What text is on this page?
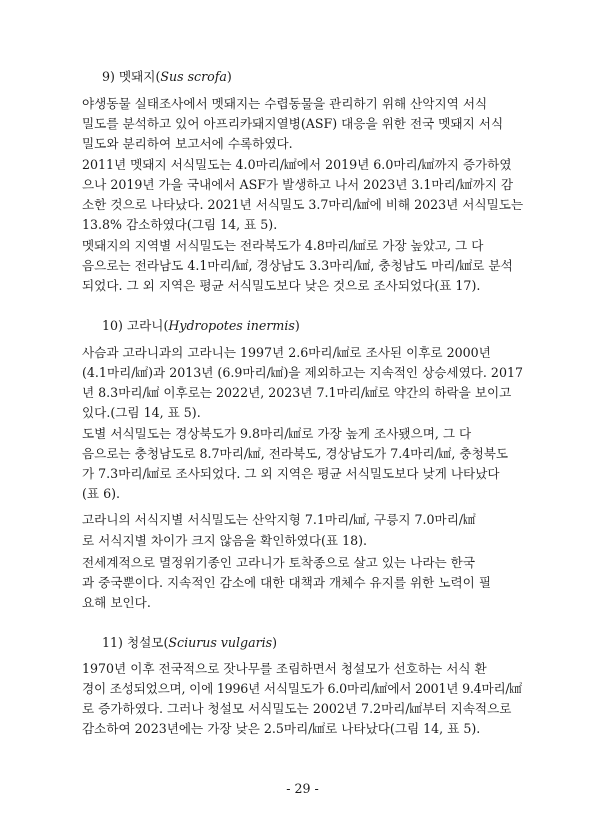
9) 멧돼지(Sus scrofa)
야생동물 실태조사에서 멧돼지는 수렵동물을 관리하기 위해 산악지역 서식
밀도를 분석하고 있어 아프리카돼지열병(ASF) 대응을 위한 전국 멧돼지 서식
밀도와 분리하여 보고서에 수록하였다.
2011년 멧돼지 서식밀도는 4.0마리/㎢에서 2019년 6.0마리/㎢까지 증가하였
으나 2019년 가을 국내에서 ASF가 발생하고 나서 2023년 3.1마리/㎢까지 감
소한 것으로 나타났다. 2021년 서식밀도 3.7마리/㎢에 비해 2023년 서식밀도는
13.8% 감소하였다(그림 14, 표 5).
멧돼지의 지역별 서식밀도는 전라북도가 4.8마리/㎢로 가장 높았고, 그 다
음으로는 전라남도 4.1마리/㎢, 경상남도 3.3마리/㎢, 충청남도 마리/㎢로 분석
되었다. 그 외 지역은 평균 서식밀도보다 낮은 것으로 조사되었다(표 17).
10) 고라니(Hydropotes inermis)
사슴과 고라니과의 고라니는 1997년 2.6마리/㎢로 조사된 이후로 2000년
(4.1마리/㎢)과 2013년 (6.9마리/㎢)을 제외하고는 지속적인 상승세였다. 2017
년 8.3마리/㎢ 이후로는 2022년, 2023년 7.1마리/㎢로 약간의 하락을 보이고
있다.(그림 14, 표 5).
도별 서식밀도는 경상북도가 9.8마리/㎢로 가장 높게 조사됐으며, 그 다
음으로는 충청남도로 8.7마리/㎢, 전라북도, 경상남도가 7.4마리/㎢, 충청북도
가 7.3마리/㎢로 조사되었다. 그 외 지역은 평균 서식밀도보다 낮게 나타났다
(표 6).
고라니의 서식지별 서식밀도는 산악지형 7.1마리/㎢, 구릉지 7.0마리/㎢
로 서식지별 차이가 크지 않음을 확인하였다(표 18).
전세계적으로 멸정위기종인 고라니가 토착종으로 살고 있는 나라는 한국
과 중국뿐이다. 지속적인 감소에 대한 대책과 개체수 유지를 위한 노력이 필
요해 보인다.
11) 청설모(Sciurus vulgaris)
1970년 이후 전국적으로 잣나무를 조림하면서 청설모가 선호하는 서식 환
경이 조성되었으며, 이에 1996년 서식밀도가 6.0마리/㎢에서 2001년 9.4마리/㎢
로 증가하였다. 그러나 청설모 서식밀도는 2002년 7.2마리/㎢부터 지속적으로
감소하여 2023년에는 가장 낮은 2.5마리/㎢로 나타났다(그림 14, 표 5).
- 29 -
